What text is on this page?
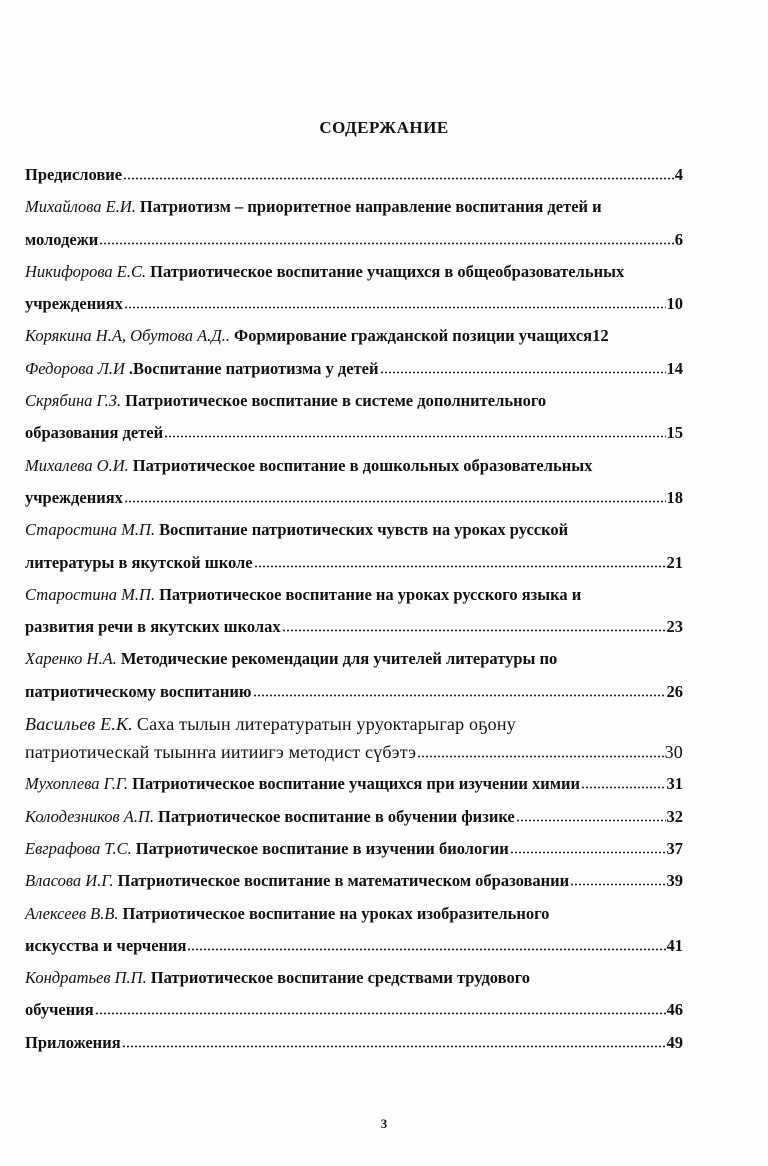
СОДЕРЖАНИЕ
Предисловие	4
Михайлова Е.И. Патриотизм – приоритетное направление воспитания детей и
молодежи	6
Никифорова Е.С. Патриотическое воспитание учащихся в общеобразовательных
учреждениях	10
Корякина Н.А, Обутова А.Д.. Формирование гражданской позиции учащихся 12
Федорова Л.И .Воспитание патриотизма у детей	14
Скрябина Г.З. Патриотическое воспитание в системе дополнительного
образования детей	15
Михалева О.И. Патриотическое воспитание в дошкольных образовательных
учреждениях	18
Старостина М.П. Воспитание патриотических чувств на уроках русской
литературы в якутской школе	21
Старостина М.П. Патриотическое воспитание на уроках русского языка и
развития речи в якутских школах	23
Харенко Н.А. Методические рекомендации для учителей литературы по
патриотическому воспитанию	26
Васильев Е.К. Саха тылын литературатын уруоктарыгар оҕону
патриотическай тыынҥа иитиигэ методист сүбэтэ	30
Мухоплева Г.Г. Патриотическое воспитание учащихся при изучении химии	31
Колодезников А.П. Патриотическое воспитание в обучении физике	32
Евграфова Т.С. Патриотическое воспитание в изучении биологии	37
Власова И.Г. Патриотическое воспитание в математическом образовании	39
Алексеев В.В. Патриотическое воспитание на уроках изобразительного
искусства и черчения	41
Кондратьев П.П. Патриотическое воспитание средствами трудового
обучения	46
Приложения	49
3
